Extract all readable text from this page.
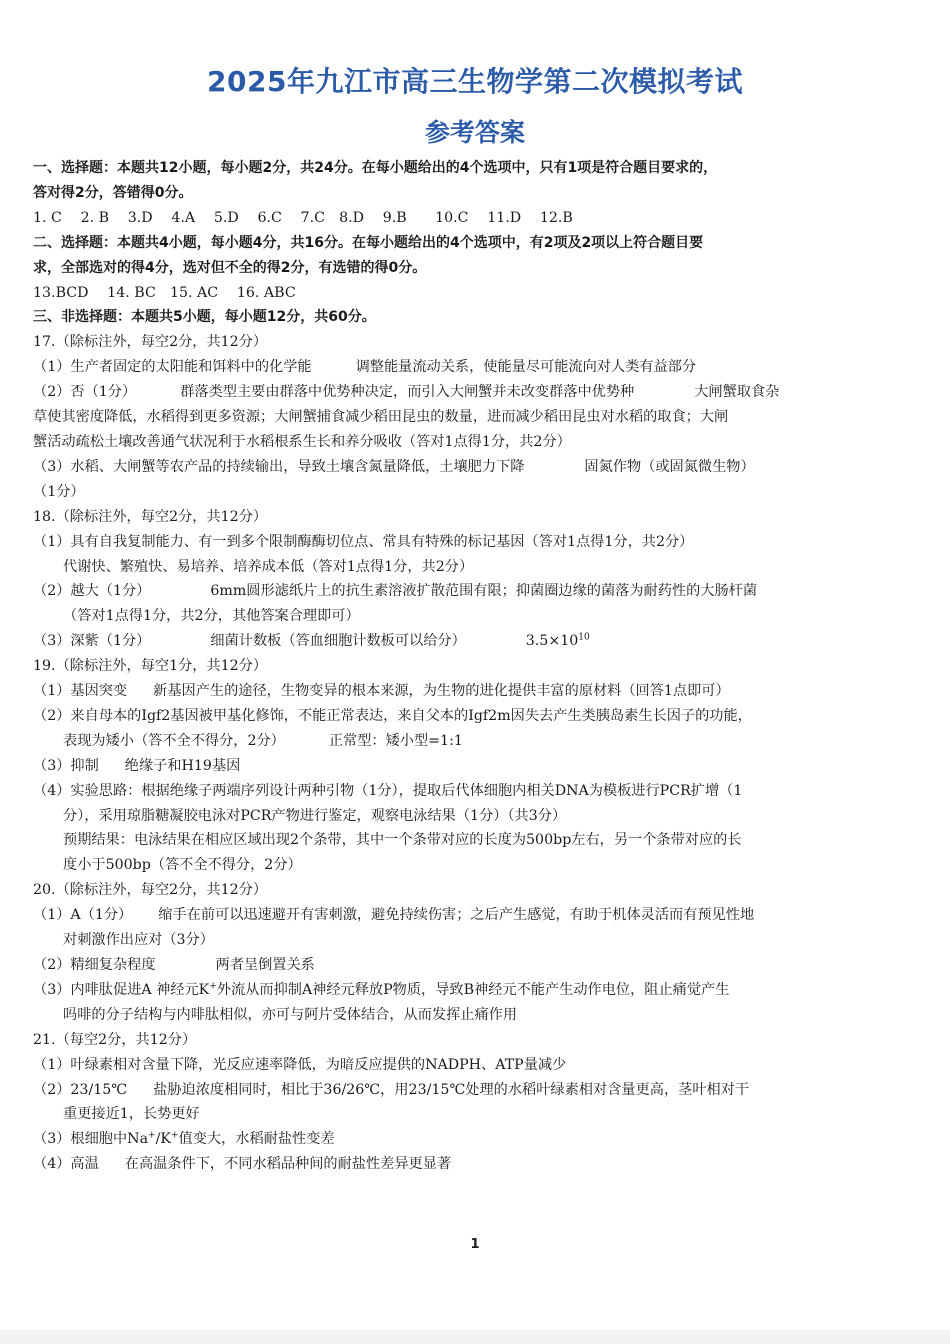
2025年九江市高三生物学第二次模拟考试
参考答案

一、选择题：本题共12小题，每小题2分，共24分。在每小题给出的4个选项中，只有1项是符合题目要求的，

答对得2分，答错得0分。

1. C　 2. B　 3.D　 4.A　 5.D　 6.C　 7.C　8.D　 9.B　　10.C　 11.D　 12.B

二、选择题：本题共4小题，每小题4分，共16分。在每小题给出的4个选项中，有2项及2项以上符合题目要

求，全部选对的得4分，选对但不全的得2分，有选错的得0分。

13.BCD　 14. BC　15. AC　 16. ABC

三、非选择题：本题共5小题，每小题12分，共60分。

17.（除标注外，每空2分，共12分）

（1）生产者固定的太阳能和饵料中的化学能	调整能量流动关系，使能量尽可能流向对人类有益部分

（2）否（1分）	群落类型主要由群落中优势种决定，而引入大闸蟹并未改变群落中优势种	大闸蟹取食杂

草使其密度降低，水稻得到更多资源；大闸蟹捕食减少稻田昆虫的数量，进而减少稻田昆虫对水稻的取食；大闸

蟹活动疏松土壤改善通气状况利于水稻根系生长和养分吸收（答对1点得1分，共2分）

（3）水稻、大闸蟹等农产品的持续输出，导致土壤含氮量降低，土壤肥力下降	固氮作物（或固氮微生物）

（1分）

18.（除标注外，每空2分，共12分）

（1）具有自我复制能力、有一到多个限制酶酶切位点、常具有特殊的标记基因（答对1点得1分，共2分）

代谢快、繁殖快、易培养、培养成本低（答对1点得1分，共2分）

（2）越大（1分）	6mm圆形滤纸片上的抗生素溶液扩散范围有限；抑菌圈边缘的菌落为耐药性的大肠杆菌

（答对1点得1分，共2分，其他答案合理即可）

（3）深紫（1分）	细菌计数板（答血细胞计数板可以给分）	$3.5\times 10^{10}$

19.（除标注外，每空1分，共12分）

（1）基因突变 新基因产生的途径，生物变异的根本来源，为生物的进化提供丰富的原材料（回答1点即可）

（2）来自母本的Igf2基因被甲基化修饰，不能正常表达，来自父本的Igf2m因失去产生类胰岛素生长因子的功能，

表现为矮小（答不全不得分，2分）	正常型：矮小型=1:1

（3）抑制 绝缘子和H19基因

（4）实验思路：根据绝缘子两端序列设计两种引物（1分），提取后代体细胞内相关DNA为模板进行PCR扩增（1

分），采用琼脂糖凝胶电泳对PCR产物进行鉴定，观察电泳结果（1分）（共3分）

预期结果：电泳结果在相应区域出现2个条带，其中一个条带对应的长度为500bp左右，另一个条带对应的长

度小于500bp（答不全不得分，2分）

20.（除标注外，每空2分，共12分）

（1）A（1分） 缩手在前可以迅速避开有害刺激，避免持续伤害；之后产生感觉，有助于机体灵活而有预见性地

对刺激作出应对（3分）

（2）精细复杂程度	两者呈倒置关系

（3）内啡肽促进A 神经元K+外流从而抑制A神经元释放P物质，导致B神经元不能产生动作电位，阻止痛觉产生

吗啡的分子结构与内啡肽相似，亦可与阿片受体结合，从而发挥止痛作用

21.（每空2分，共12分）

（1）叶绿素相对含量下降，光反应速率降低，为暗反应提供的NADPH、ATP量减少

（2）23/15℃ 盐胁迫浓度相同时，相比于36/26℃，用23/15℃处理的水稻叶绿素相对含量更高，茎叶相对干

重更接近1，长势更好

（3）根细胞中Na+/K+值变大，水稻耐盐性变差

（4）高温 在高温条件下，不同水稻品种间的耐盐性差异更显著

1
